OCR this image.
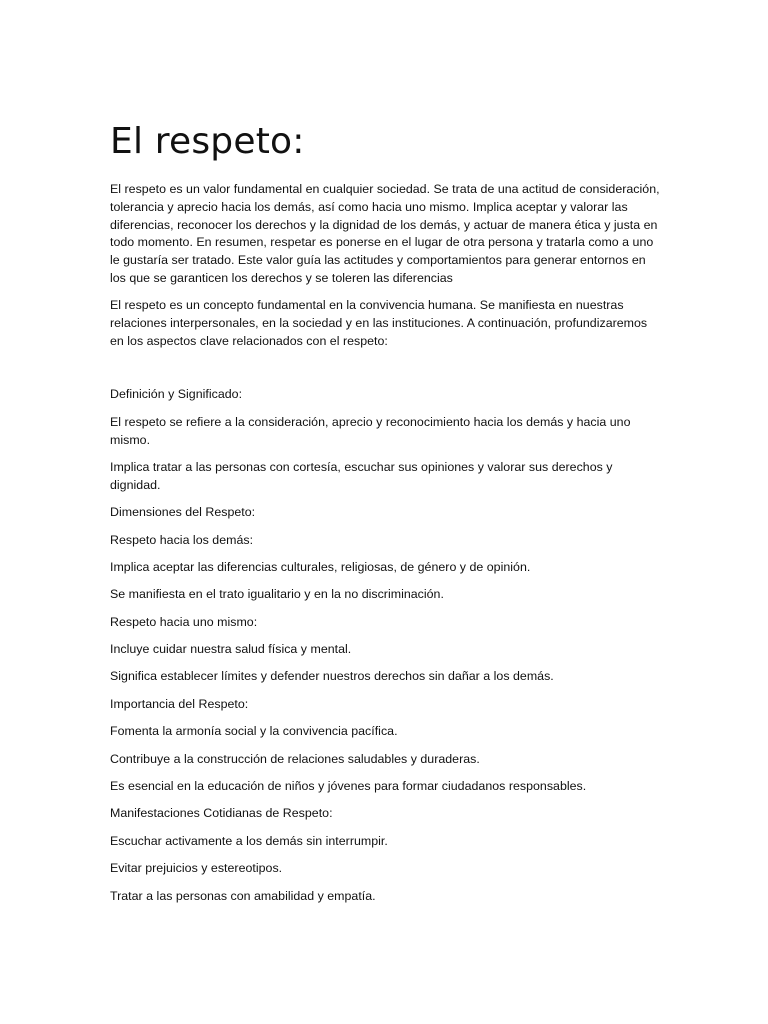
El respeto:

El respeto es un valor fundamental en cualquier sociedad. Se trata de una actitud de consideración, tolerancia y aprecio hacia los demás, así como hacia uno mismo. Implica aceptar y valorar las diferencias, reconocer los derechos y la dignidad de los demás, y actuar de manera ética y justa en todo momento. En resumen, respetar es ponerse en el lugar de otra persona y tratarla como a uno le gustaría ser tratado. Este valor guía las actitudes y comportamientos para generar entornos en los que se garanticen los derechos y se toleren las diferencias

El respeto es un concepto fundamental en la convivencia humana. Se manifiesta en nuestras relaciones interpersonales, en la sociedad y en las instituciones. A continuación, profundizaremos en los aspectos clave relacionados con el respeto:

Definición y Significado:

El respeto se refiere a la consideración, aprecio y reconocimiento hacia los demás y hacia uno mismo.

Implica tratar a las personas con cortesía, escuchar sus opiniones y valorar sus derechos y dignidad.

Dimensiones del Respeto:

Respeto hacia los demás:

Implica aceptar las diferencias culturales, religiosas, de género y de opinión.

Se manifiesta en el trato igualitario y en la no discriminación.

Respeto hacia uno mismo:

Incluye cuidar nuestra salud física y mental.

Significa establecer límites y defender nuestros derechos sin dañar a los demás.

Importancia del Respeto:

Fomenta la armonía social y la convivencia pacífica.

Contribuye a la construcción de relaciones saludables y duraderas.

Es esencial en la educación de niños y jóvenes para formar ciudadanos responsables.

Manifestaciones Cotidianas de Respeto:

Escuchar activamente a los demás sin interrumpir.

Evitar prejuicios y estereotipos.

Tratar a las personas con amabilidad y empatía.
